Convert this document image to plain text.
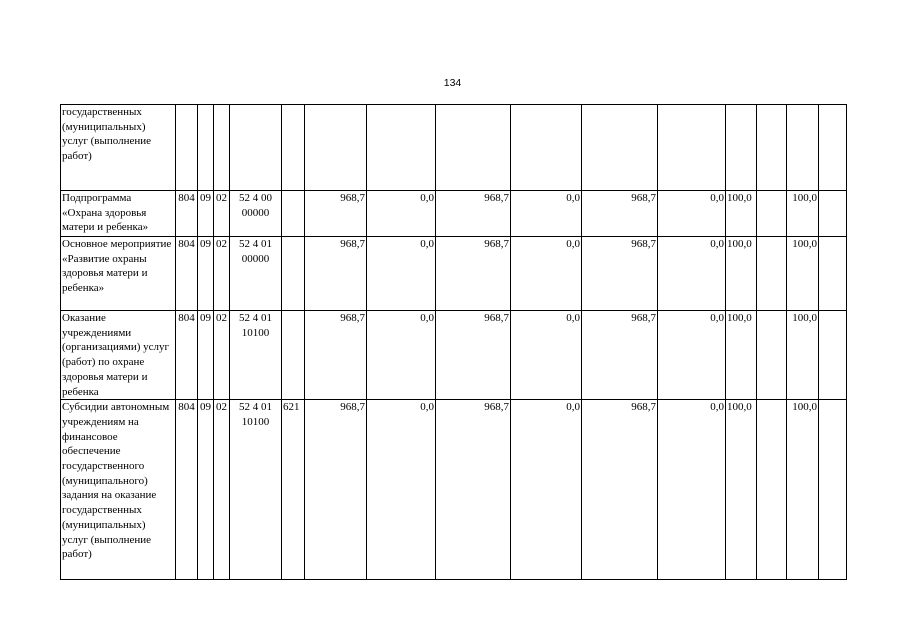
134
государственных (муниципальных) услуг (выполнение работ)															
Подпрограмма «Охрана здоровья матери и ребенка»	804	09	02	52 4 00 00000		968,7	0,0	968,7	0,0	968,7	0,0	100,0		100,0	
Основное мероприятие «Развитие охраны здоровья матери и ребенка»	804	09	02	52 4 01 00000		968,7	0,0	968,7	0,0	968,7	0,0	100,0		100,0	
Оказание учреждениями (организациями) услуг (работ) по охране здоровья матери и ребенка	804	09	02	52 4 01 10100		968,7	0,0	968,7	0,0	968,7	0,0	100,0		100,0	
Субсидии автономным учреждениям на финансовое обеспечение государственного (муниципального) задания на оказание государственных (муниципальных) услуг (выполнение работ)	804	09	02	52 4 01 10100	621	968,7	0,0	968,7	0,0	968,7	0,0	100,0		100,0	
